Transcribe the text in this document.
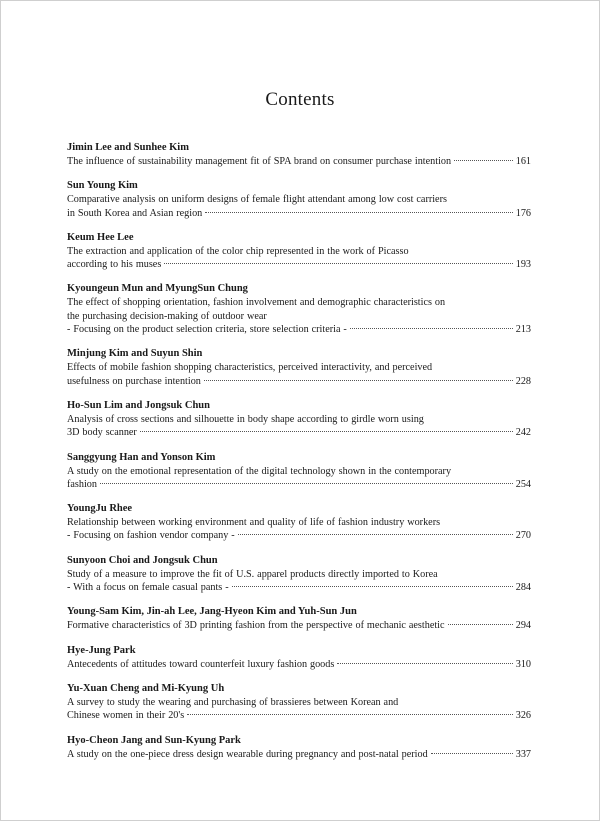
Contents
Jimin Lee and Sunhee Kim
The influence of sustainability management fit of SPA brand on consumer purchase intention	161
Sun Young Kim
Comparative analysis on uniform designs of female flight attendant among low cost carriers
in South Korea and Asian region	176
Keum Hee Lee
The extraction and application of the color chip represented in the work of Picasso
according to his muses	193
Kyoungeun Mun and MyungSun Chung
The effect of shopping orientation, fashion involvement and demographic characteristics on
the purchasing decision-making of outdoor wear
- Focusing on the product selection criteria, store selection criteria -	213
Minjung Kim and Suyun Shin
Effects of mobile fashion shopping characteristics, perceived interactivity, and perceived
usefulness on purchase intention	228
Ho-Sun Lim and Jongsuk Chun
Analysis of cross sections and silhouette in body shape according to girdle worn using
3D body scanner	242
Sanggyung Han and Yonson Kim
A study on the emotional representation of the digital technology shown in the contemporary
fashion	254
YoungJu Rhee
Relationship between working environment and quality of life of fashion industry workers
- Focusing on fashion vendor company -	270
Sunyoon Choi and Jongsuk Chun
Study of a measure to improve the fit of U.S. apparel products directly imported to Korea
- With a focus on female casual pants -	284
Young-Sam Kim, Jin-ah Lee, Jang-Hyeon Kim and Yuh-Sun Jun
Formative characteristics of 3D printing fashion from the perspective of mechanic aesthetic	294
Hye-Jung Park
Antecedents of attitudes toward counterfeit luxury fashion goods	310
Yu-Xuan Cheng and Mi-Kyung Uh
A survey to study the wearing and purchasing of brassieres between Korean and
Chinese women in their 20's	326
Hyo-Cheon Jang and Sun-Kyung Park
A study on the one-piece dress design wearable during pregnancy and post-natal period	337
